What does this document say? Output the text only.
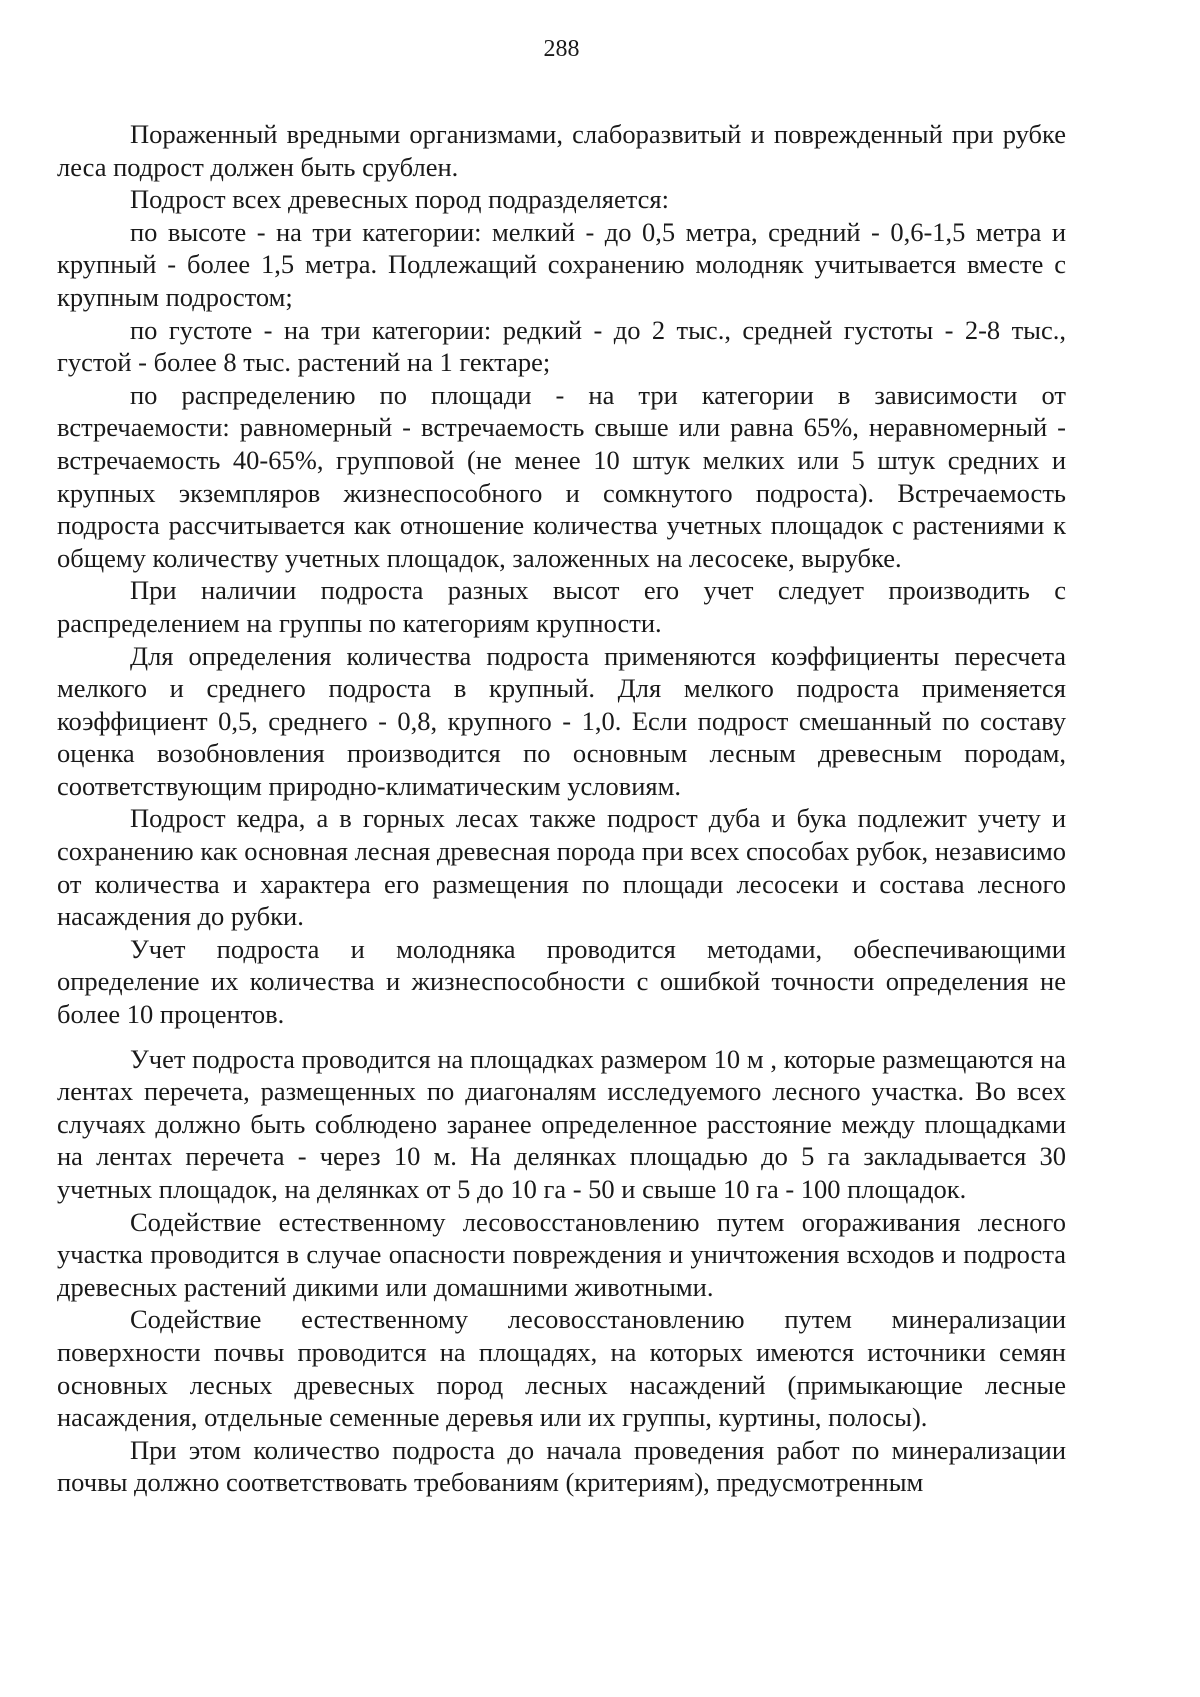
288

Пораженный вредными организмами, слаборазвитый и поврежденный при рубке леса подрост должен быть срублен.

Подрост всех древесных пород подразделяется:

по высоте - на три категории: мелкий - до 0,5 метра, средний - 0,6-1,5 метра и крупный - более 1,5 метра. Подлежащий сохранению молодняк учитывается вместе с крупным подростом;

по густоте - на три категории: редкий - до 2 тыс., средней густоты - 2-8 тыс., густой - более 8 тыс. растений на 1 гектаре;

по распределению по площади - на три категории в зависимости от встречаемости: равномерный - встречаемость свыше или равна 65%, неравномерный - встречаемость 40-65%, групповой (не менее 10 штук мелких или 5 штук средних и крупных экземпляров жизнеспособного и сомкнутого подроста). Встречаемость подроста рассчитывается как отношение количества учетных площадок с растениями к общему количеству учетных площадок, заложенных на лесосеке, вырубке.

При наличии подроста разных высот его учет следует производить с распределением на группы по категориям крупности.

Для определения количества подроста применяются коэффициенты пересчета мелкого и среднего подроста в крупный. Для мелкого подроста применяется коэффициент 0,5, среднего - 0,8, крупного - 1,0. Если подрост смешанный по составу оценка возобновления производится по основным лесным древесным породам, соответствующим природно-климатическим условиям.

Подрост кедра, а в горных лесах также подрост дуба и бука подлежит учету и сохранению как основная лесная древесная порода при всех способах рубок, независимо от количества и характера его размещения по площади лесосеки и состава лесного насаждения до рубки.

Учет подроста и молодняка проводится методами, обеспечивающими определение их количества и жизнеспособности с ошибкой точности определения не более 10 процентов.

Учет подроста проводится на площадках размером 10 м , которые размещаются на лентах перечета, размещенных по диагоналям исследуемого лесного участка. Во всех случаях должно быть соблюдено заранее определенное расстояние между площадками на лентах перечета - через 10 м. На делянках площадью до 5 га закладывается 30 учетных площадок, на делянках от 5 до 10 га - 50 и свыше 10 га - 100 площадок.

Содействие естественному лесовосстановлению путем огораживания лесного участка проводится в случае опасности повреждения и уничтожения всходов и подроста древесных растений дикими или домашними животными.

Содействие естественному лесовосстановлению путем минерализации поверхности почвы проводится на площадях, на которых имеются источники семян основных лесных древесных пород лесных насаждений (примыкающие лесные насаждения, отдельные семенные деревья или их группы, куртины, полосы).

При этом количество подроста до начала проведения работ по минерализации почвы должно соответствовать требованиям (критериям), предусмотренным
